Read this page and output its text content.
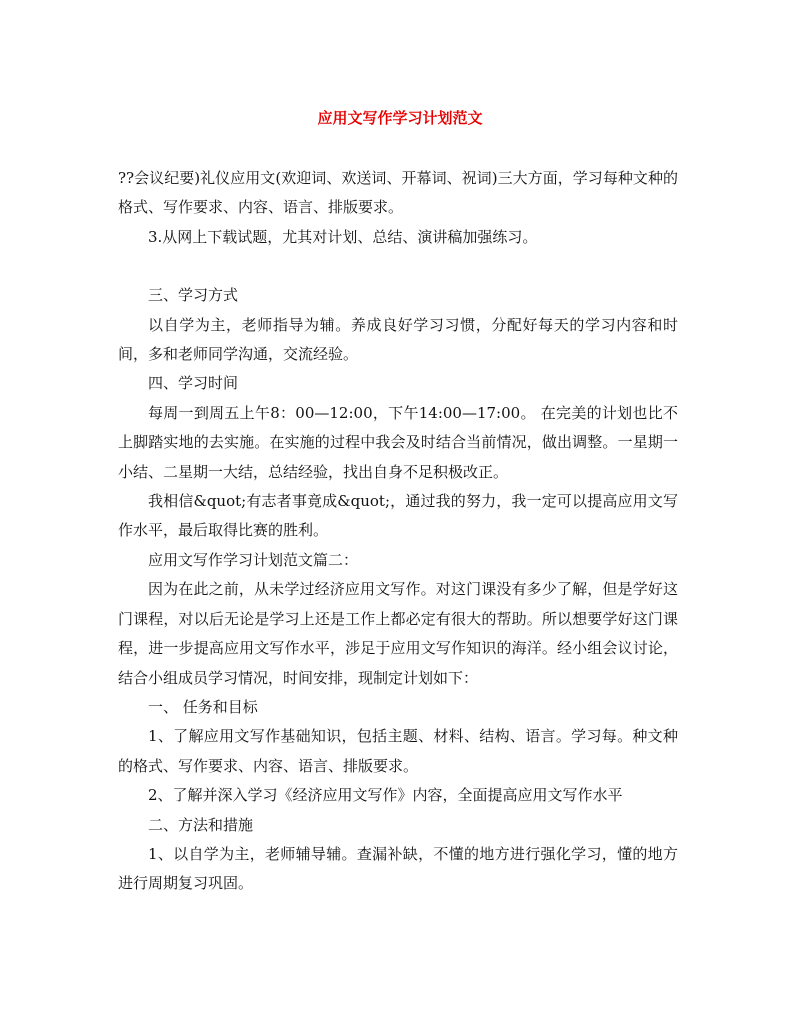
应用文写作学习计划范文

??会议纪要)礼仪应用文(欢迎词、欢送词、开幕词、祝词)三大方面，学习每种文种的格式、写作要求、内容、语言、排版要求。

3.从网上下载试题，尤其对计划、总结、演讲稿加强练习。

三、学习方式

以自学为主，老师指导为辅。养成良好学习习惯，分配好每天的学习内容和时间，多和老师同学沟通，交流经验。

四、学习时间

每周一到周五上午8：00—12:00，下午14:00—17:00。 在完美的计划也比不上脚踏实地的去实施。在实施的过程中我会及时结合当前情况，做出调整。一星期一小结、二星期一大结，总结经验，找出自身不足积极改正。

我相信&quot;有志者事竟成&quot;，通过我的努力，我一定可以提高应用文写作水平，最后取得比赛的胜利。

应用文写作学习计划范文篇二：

因为在此之前，从未学过经济应用文写作。对这门课没有多少了解，但是学好这门课程，对以后无论是学习上还是工作上都必定有很大的帮助。所以想要学好这门课程，进一步提高应用文写作水平，涉足于应用文写作知识的海洋。经小组会议讨论，结合小组成员学习情况，时间安排，现制定计划如下：

一、 任务和目标

1、了解应用文写作基础知识，包括主题、材料、结构、语言。学习每。种文种的格式、写作要求、内容、语言、排版要求。

2、了解并深入学习《经济应用文写作》内容，全面提高应用文写作水平

二、方法和措施

1、以自学为主，老师辅导辅。查漏补缺，不懂的地方进行强化学习，懂的地方进行周期复习巩固。
